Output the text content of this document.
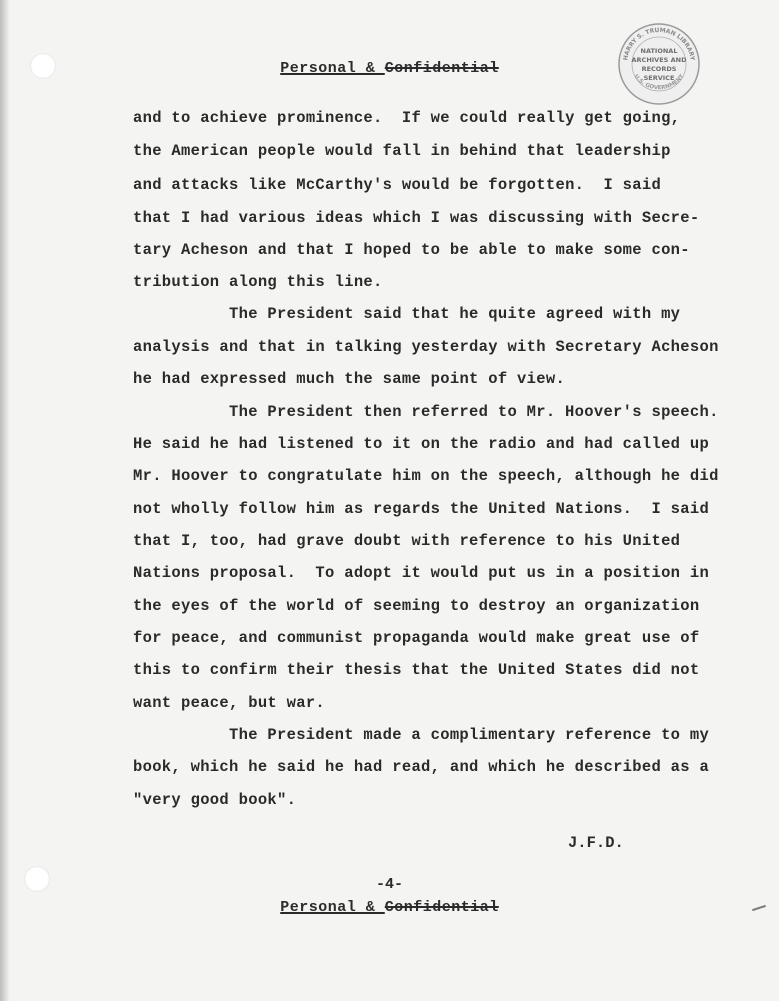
NATIONAL
ARCHIVES AND
RECORDS
SERVICE
HARRY S. TRUMAN LIBRARY
U.S. GOVERNMENT
Personal & Confidential
and to achieve prominence.  If we could really get going,
the American people would fall in behind that leadership
and attacks like McCarthy's would be forgotten.  I said
that I had various ideas which I was discussing with Secre-
tary Acheson and that I hoped to be able to make some con-
tribution along this line.
The President said that he quite agreed with my
analysis and that in talking yesterday with Secretary Acheson
he had expressed much the same point of view.
The President then referred to Mr. Hoover's speech.
He said he had listened to it on the radio and had called up
Mr. Hoover to congratulate him on the speech, although he did
not wholly follow him as regards the United Nations.  I said
that I, too, had grave doubt with reference to his United
Nations proposal.  To adopt it would put us in a position in
the eyes of the world of seeming to destroy an organization
for peace, and communist propaganda would make great use of
this to confirm their thesis that the United States did not
want peace, but war.
The President made a complimentary reference to my
book, which he said he had read, and which he described as a
"very good book".
J.F.D.
-4-
Personal & Confidential
